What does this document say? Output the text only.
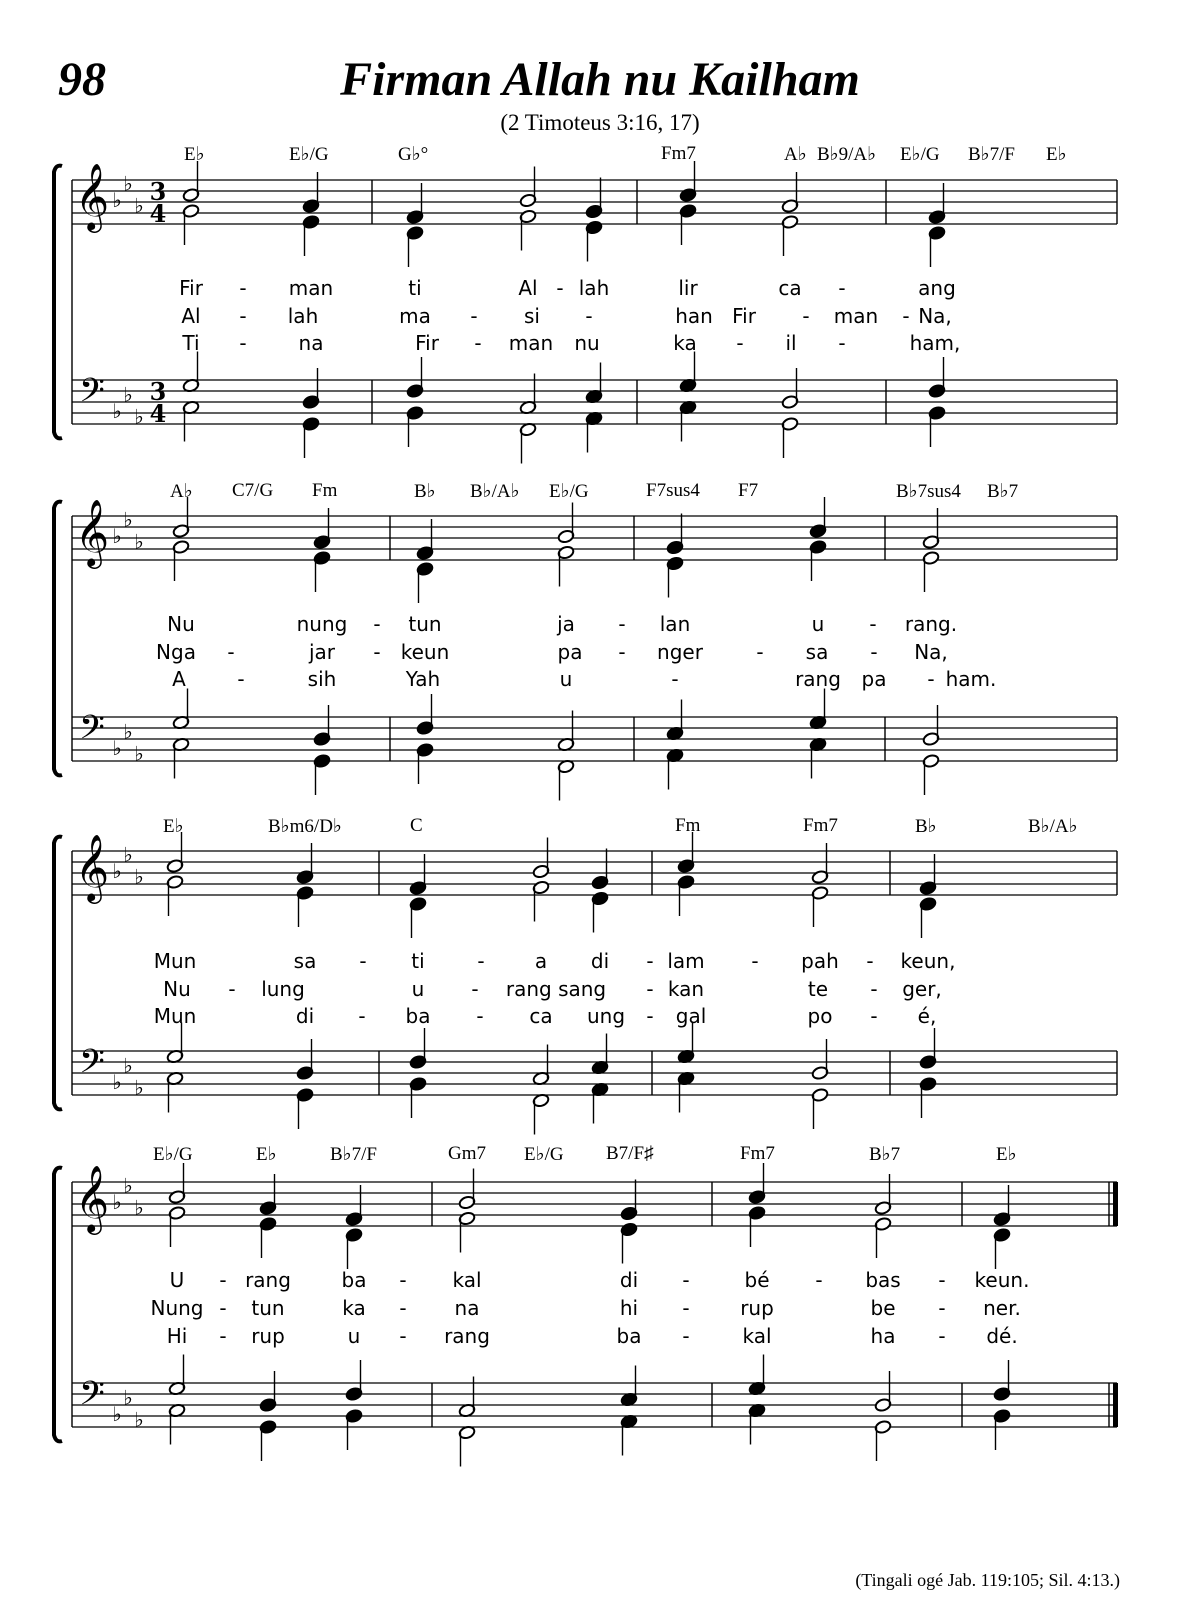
98	Firman Allah nu Kailham
(2 Timoteus 3:16, 17)
𝄞
𝄢
♭
♭
♭
♭
♭
♭
3
4
3
4
𝄞
𝄢
♭
♭
♭
♭
♭
♭
𝄞
𝄢
♭
♭
♭
♭
♭
♭
𝄞
𝄢
♭
♭
♭
♭
♭
♭
E♭	E♭/G	G♭°	Fm7	A♭ B♭9/A♭ E♭/G B♭7/F E♭
Fir - man	ti	Al - lah	lir	ca -	ang
Al - lah	ma - si -	han Fir - man - Na,
Ti -	na	Fir - man nu	ka - il -	ham,
A♭ C7/G Fm	B♭ B♭/A♭ E♭/G	F7sus4 F7	B♭7sus4 B♭7
Nu	nung - tun	ja - lan	u - rang.
Nga -	jar - keun	pa - nger	- sa - Na,
A	-	sih	Yah	u	-	rang pa - ham.
E♭	B♭m6/D♭	C	Fm	Fm7	B♭	B♭/A♭
Mun	sa - ti	-	a di - lam - pah - keun,
Nu - lung	u - rang sang - kan	te - ger,
Mun	di - ba - ca ung - gal	po - é,
E♭/G	E♭	B♭7/F	Gm7 E♭/G B7/F♯	Fm7	B♭7	E♭
U - rang	ba - kal	di -	bé - bas - keun.
Nung - tun	ka - na	hi -	rup	be - ner.
Hi - rup	u - rang	ba -	kal	ha - dé.
(Tingali ogé Jab. 119:105; Sil. 4:13.)
